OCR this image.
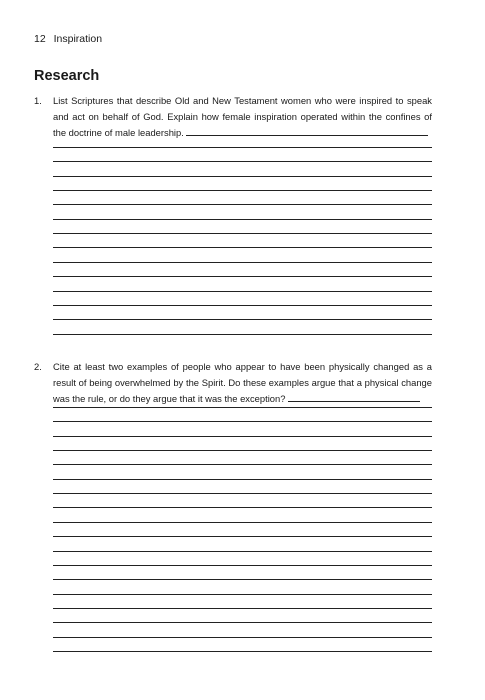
12 Inspiration
Research
1. List Scriptures that describe Old and New Testament women who were inspired to speak and act on behalf of God. Explain how female inspiration operated within the confines of the doctrine of male leadership.
2. Cite at least two examples of people who appear to have been physically changed as a result of being overwhelmed by the Spirit. Do these examples argue that a physical change was the rule, or do they argue that it was the exception?
